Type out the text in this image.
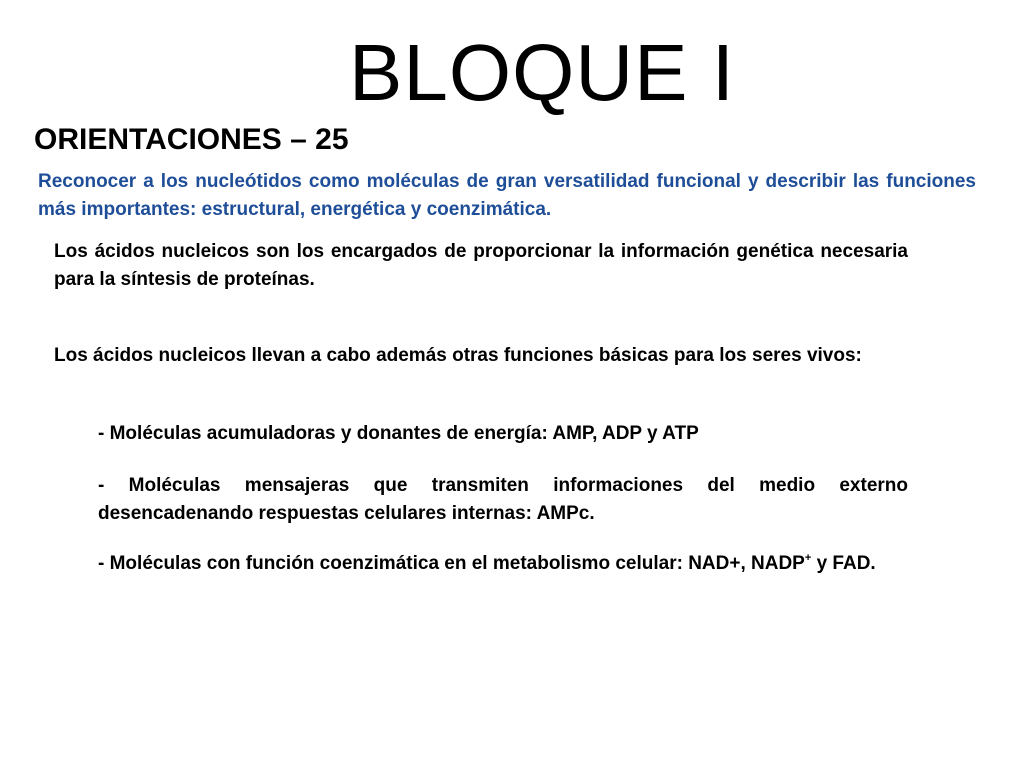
BLOQUE I
ORIENTACIONES – 25

Reconocer a los nucleótidos como moléculas de gran versatilidad funcional y describir las funciones más importantes: estructural, energética y coenzimática.

Los ácidos nucleicos son los encargados de proporcionar la información genética necesaria para la síntesis de proteínas.

Los ácidos nucleicos llevan a cabo además otras funciones básicas para los seres vivos:

- Moléculas acumuladoras y donantes de energía: AMP, ADP y ATP

- Moléculas mensajeras que transmiten informaciones del medio externo desencadenando respuestas celulares internas: AMPc.

- Moléculas con función coenzimática en el metabolismo celular: NAD+, NADP+ y FAD.
